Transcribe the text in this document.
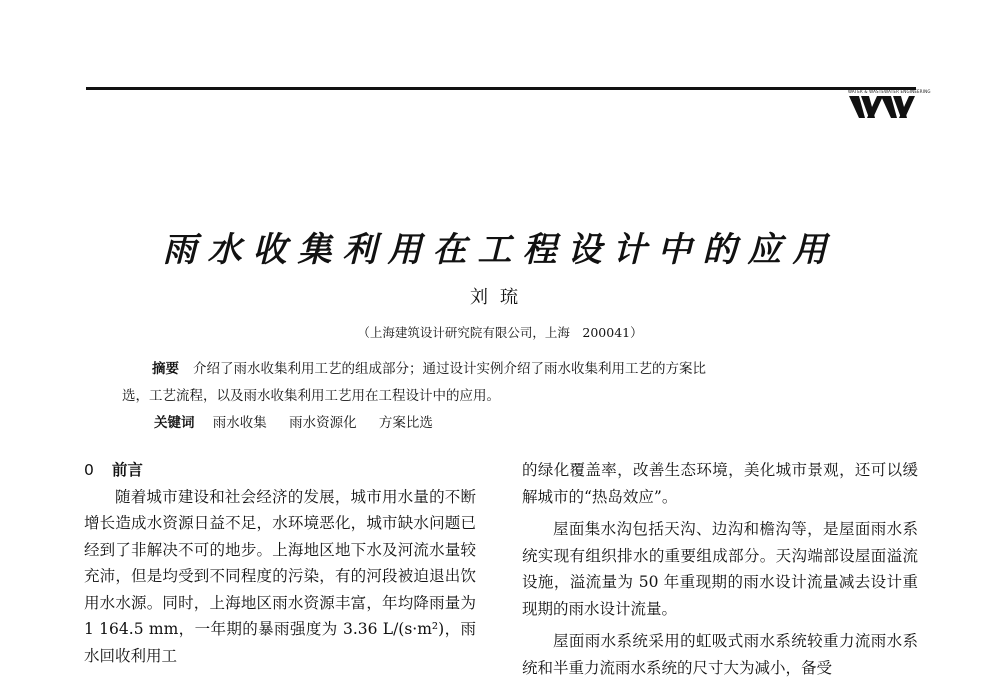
WATER & WASTEWATER ENGINEERING
雨水收集利用在工程设计中的应用
刘琉
（上海建筑设计研究院有限公司，上海　200041）
摘要 介绍了雨水收集利用工艺的组成部分；通过设计实例介绍了雨水收集利用工艺的方案比
选，工艺流程，以及雨水收集利用工艺用在工程设计中的应用。
关键词 雨水收集 雨水资源化 方案比选
0 前言

随着城市建设和社会经济的发展，城市用水量的不断增长造成水资源日益不足，水环境恶化，城市缺水问题已经到了非解决不可的地步。上海地区地下水及河流水量较充沛，但是均受到不同程度的污染，有的河段被迫退出饮用水水源。同时，上海地区雨水资源丰富，年均降雨量为 1 164.5 mm，一年期的暴雨强度为 3.36 L/(s·m²)，雨水回收利用工

的绿化覆盖率，改善生态环境，美化城市景观，还可以缓解城市的“热岛效应”。

屋面集水沟包括天沟、边沟和檐沟等，是屋面雨水系统实现有组织排水的重要组成部分。天沟端部设屋面溢流设施，溢流量为 50 年重现期的雨水设计流量减去设计重现期的雨水设计流量。

屋面雨水系统采用的虹吸式雨水系统较重力流雨水系统和半重力流雨水系统的尺寸大为减小，备受
